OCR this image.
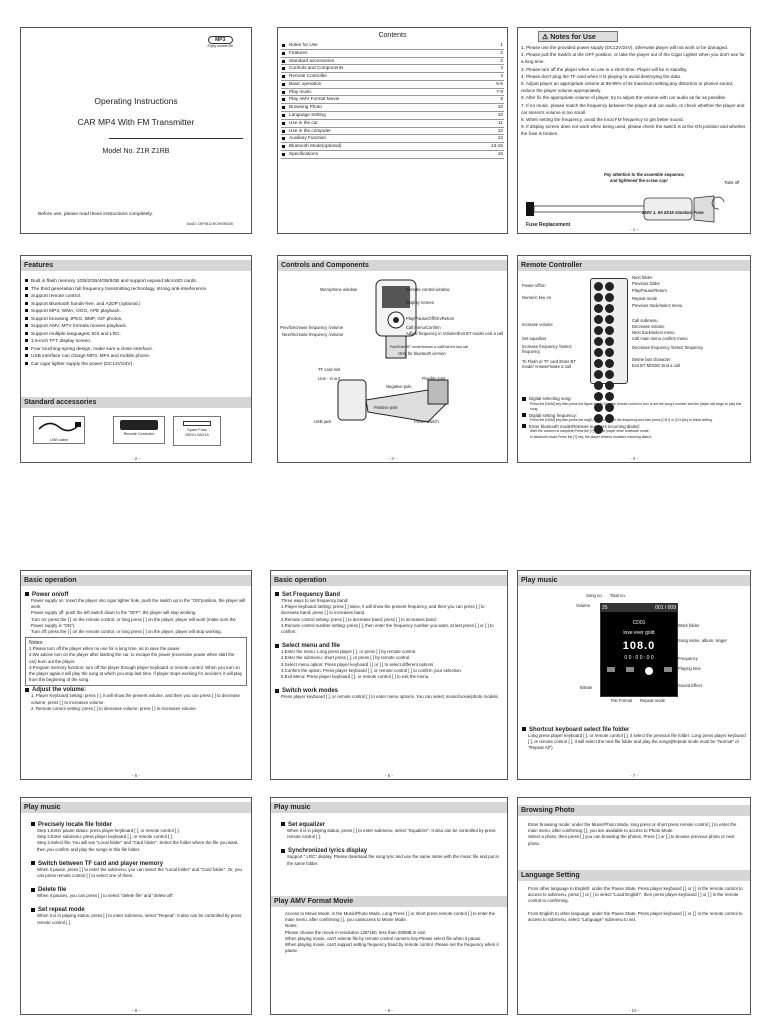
MP3
Enjoy mobile life
Operating Instructions
CAR MP4 With FM Transmitter
Model No. Z1R Z1RB
Before use, please read these instructions completely.
DocID: CRP0512-RCH0090026
Contents
Notes for Use	1
Features	2
Standard accessories	2
Controls and Components	3
Remote Controller	4
Basic operation	5-6
Play music	7-9
Play AMV Format Movie	9
Browsing Photo	10
Language Setting	10
Use in the car	11
Use in the computer	12
Auxiliary Function	12
Bluetooth Mode(optional)	13-15
Specifications	16
⚠ Notes for Use
1. Please use the provided power supply (DC12V/24V), otherwise player will not work or be damaged.
2. Please pull the Switch at the OFF position, or take the player out of the Cigar Lighter when you don't use for a long time.
3. Please turn off the player when no use in a short time. Player will be in standby.
4. Please don't plug the TF card when it is playing to avoid destroying the data.
5. Adjust player an appropriate volume at 85-95% of its maximum setting,any distortion or plosive sound, reduce the player volume appropriately.
6. After fix the appropriate volume of player, try to adjust the volume with car audio as far as possible.
7. If no music, please match the frequency between the player and car audio, or check whether the player and car stereo's volume is too small.
8. When setting the frequency, avoid the local FM frequency to get better sound.
9. If display screen does not work when being used, please check the switch is at the ON position and whether the fuse is broken.
Pay attention to the assemble sequence,
and tightened the screw cap!	Twist off
250V 1. 5A 5X15 standard Fuse
Fuse Replacement
- 1 -
Features
Built in flash memory 1GB/2GB/4GB/8GB and support expand MicroSD cards.
The third generation full frequency transmitting technology, strong anti-interference.
Support remote control.
Support Bluetooth hands-free, and A2DP (optional.)
Support MP3, WMA, OGG, APE playback.
Support browsing JPEG, BMP, GIF photos.
Support AMV, MTV formats movies playback.
Support multiple languages; ID3 and LRC.
1.8-inch TFT display screen.
Four touching-spring design, make sure a close interface.
USB interface can charge MP3, MP4 and mobile phone.
Car cigar lighter supply the power (DC12V/24V).
Standard accessories
USB cable
Remote Controller
Spare Fuse
250V1.5AX15
- 2 -
Controls and Components
Microphone window	Remote control window
Display Screen
Play/Pause/Off/On/Return
Call menu/Confirm
Prev/Decrease frequency /volume
Next/Increase frequency /volume	Adjust frequency in Volume/Exit BT mode/ end a call
Pair/Enter BT mode/Answer a call/Dial the last call
Only for bluetooth version
TF card slot
Line - in out	Flexible joint
Negative pole
Positive pole
USB jack	Power switch
- 3 -
Remote Controller
Power off/on
Numeric key on
Increase volume
Set equalizer
Increase frequency /Select frequency
To Flash or TF card Enter BT mode/ Answer/make a call
Next folder
Previous folder
Play/Pause/Return
Repeat mode
Previous track/select menu
Call submenu
Decrease volume
Next track/select menu
Call main menu confirm menu
Decrease frequency /Select frequency
Delete last character
Exit BT MODE/ End a call
Digital selecting song:
Press the [NUM] key,then press the figure key [0-9] in the remote control in turn to set the song's number and the player will begin to play this song.
Digital setting frequency:
Press the [NUM] key,then press the key[0-9] in turn to set the frequency,and then press [CH+] or [CH-]key to finish setting.
Enter bluetooth mode/Retrieve numbers incoming dialed:
After the connect is complete,Press the [?] key,the player enter bluetooth mode;
In bluetooth mode,Press the [?] key, the player retrieve numbers incoming dialed.
- 4 -
Basic operation
Power on/off
Power supply on: Insert the player into cigar lighter hole, push the switch up to the "ON"position, the player will work.
Power supply off: push the left switch down to the "OFF", the player will stop working.
Turn on: press the [ ] on the remote control, or long press [ ] on the player, player will work (make sure the Power supply is "ON").
Turn off: press the [ ] on the remote control, or long press [ ] on the player, player will stop working.
Notes:
1.Please turn off the player when no use for a long time, as to save the power.
2.We advise turn on the player after starting the car, to escape the power (excessive power when start the car) burn out the player.
3.Program memory function: turn off the player through player keyboard or remote control. When you turn on the player again,it will play the song at which you stop last time. if player stops working for accident, it will play from the beginning of the song.
Adjust the volume:
1. Player Keyboard setting: press [ ], It will show the present volume, and then you can press [ ] to decrease volume; press [ ] to increases volume.
2. Remote control setting: press [ ] to decrease volume; press [ ] to increases volume.
- 5 -
Basic operation
Set Frequency Band
Three ways to set frequency band:
1.Player keyboard setting: press [ ] twice, it will show the present frequency, and then you can press [ ] to decrease band; press [ ] to increases band.
2.Remote control setting: press [ ] to decrease band; press [ ] to increases band.
3.Remote control number setting: press [ ], then enter the frequency number you want, at last press [ ] or [ ] to confirm.
Select menu and file
1.Enter the menu: Long press player [ ], or press [ ] by remote control.
2.Enter the submenu: short press [ ], or press [ ] by remote control.
3.Select menu option: Press player keyboard [ ] or [ ] to select different options.
4.Confirm the option: Press player keyboard [ ], or remote control [ ] to confirm your selection.
5.Exit Menu: Press player keyboard [ ], or remote control [ ] to exit the menu.
Switch work modes
Press player keyboard [ ], or remote control [ ] to enter menu options. You can select music/movie/photo models.
- 6 -
Play music
Song no. Total no.
Volume 25	001 / 009
CD01
love ever gold
108.0
0 0 : 0 0 : 0 0
Work folder
Song name, album, singer
Frequency
Playing time
Bitrate
File Format Repeat mode
Sound Effect
Shortcut keyboard select file folder
Long press player keyboard [ ], or remote control [ ], it select the previous file folder; Long press player keyboard [ ], or remote control [ ], it will select the next file folder and play the songs(Repeat mode must be "Normal" or "Repeat All")
- 7 -
Play music
Precisely locate file folder
Step 1.Enter pause status: press player keyboard [ ], or remote control [ ].
Setp 2.Enter submenu: press player keyboard [ ], or remote control [ ].
Step 3.Select file: You will see "Local folder" and "Card folder". Select the folder where the file you want, then you confirm and play the songs in this file folder.
Switch between TF card and player memory
When it pause, press [ ] to enter the submenu, you can select the "Local folder" and "Card folder". Or, you can press remote control [ ] to select one of them.
Delete file
When it pauses, you can press [ ] to select "delete file" and "delete all".
Set repeat mode
When it is in playing status, press [ ] to enter submenu, select "Repeat". It also can be controlled by press remote control [ ].
- 8 -
Play music
Set equalizer
When it is in playing status, press [ ] to enter submenu, select "Equalizer". It also can be controlled by press remote control [ ].
Synchronized lyrics display
Support " LRC" display. Please download the song lyric and use the same name with the music file and put in the same folder.
Play AMV Format Movie
Access to Movie Mode: in the Music/Photo Mode, Long Press [ ] or short press remote control [ ] to enter the main menu, after confirming [ ], you canaccess to Movie Mode.
Notes:
Please choose the movie in resolution 128*160, less than 200MB in size.
When playing movie, can't selecte file by remote control numeric key.Please select file when it pause.
When playing movie, can't support setting frequency band by remote control. Please set the frequency when it pause.
- 9 -
Browsing Photo
Enter browsing mode: under the Music/Photo Mode, long press or short press remote control [ ] to enter the main menu, after confirming [ ], you are available to access to Photo Mode.
Select a photo, then press [ ] you can browsing the photos, Press [ ] or [ ] to browse previous photo or next photo.
Language Setting
From other language to English: under the Pause State, Press player keyboard [ ] or [ ] in the remote control to access to submenu, press [ ] or [ ] to select "Load English", then press player keyboard [ ] or [ ] in the remote control to confirming.
From English to other language: under the Pause State, Press player keyboard [ ] or [ ] in the remote control to access to submenu, select "Language" submenu to set.
- 10 -
